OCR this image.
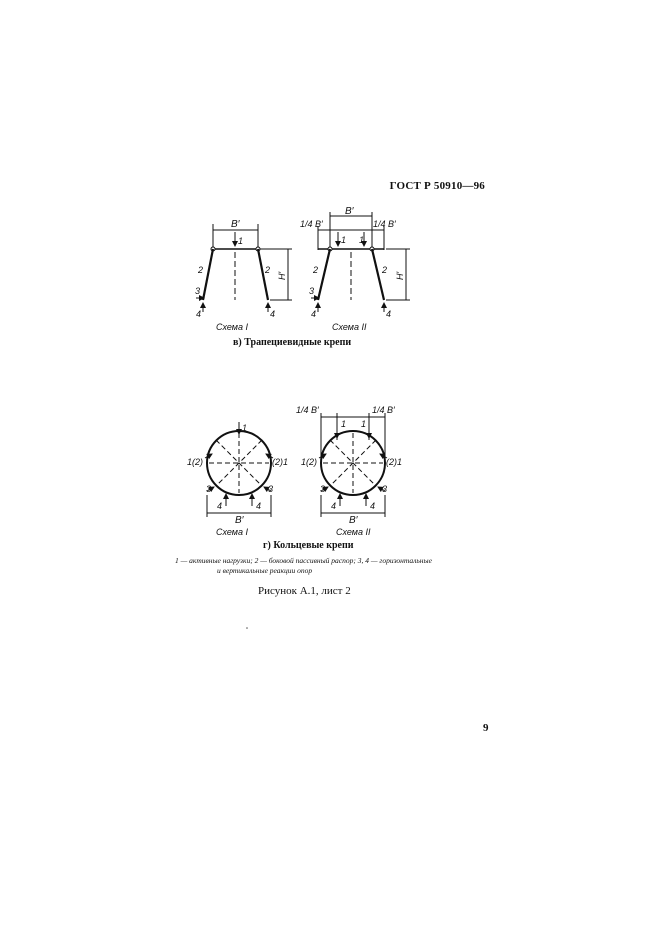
ГОСТ Р 50910—96
B′
1
2	2
3
4	4
H′
Схема I
B′
1/4 B′	1/4 B′
1 1
2	2
3
4	4
H′
Схема II
1
1(2)	(2)1
3	3
4	4
B′
Схема I
1/4 B′	1/4 B′
1 1
1(2)	(2)1
3	3
4	4
B′
Схема II
в) Трапециевидные крепи
г) Кольцевые крепи
1 — активные нагрузки; 2 — боковой пассивный распор; 3, 4 — горизонтальные
и вертикальные реакции опор
Рисунок А.1, лист 2
9
